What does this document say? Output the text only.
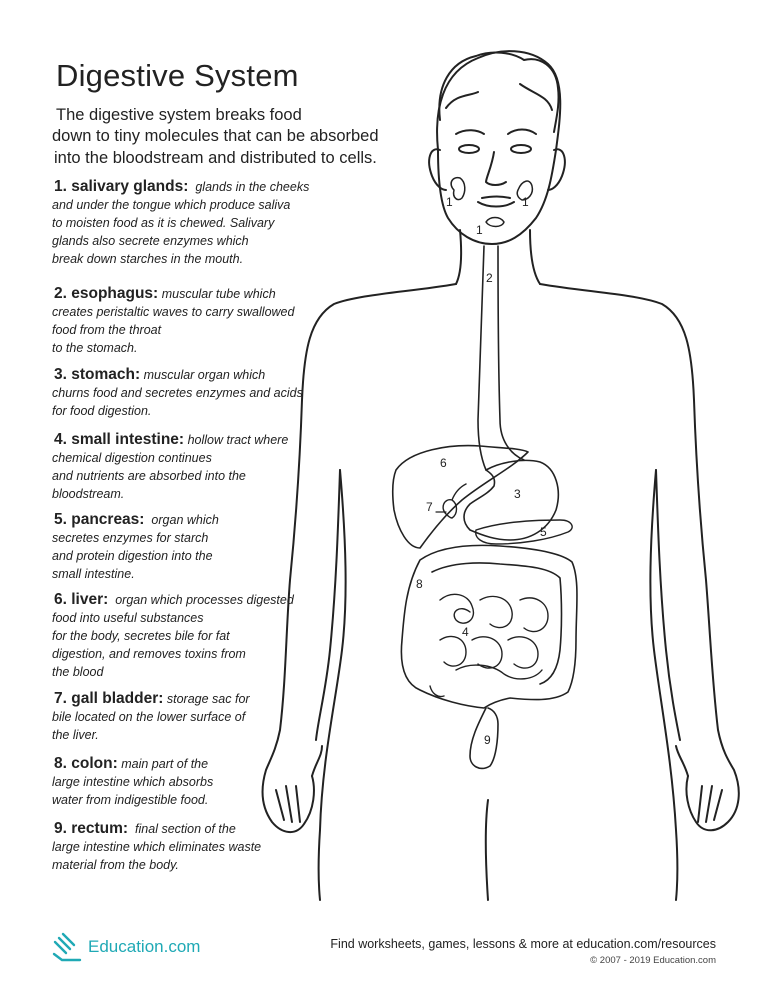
Digestive System
The digestive system breaks food
down to tiny molecules that can be absorbed
into the bloodstream and distributed to cells.
1. salivary glands: glands in the cheeks
and under the tongue which produce saliva
to moisten food as it is chewed. Salivary
glands also secrete enzymes which
break down starches in the mouth.
2. esophagus: muscular tube which
creates peristaltic waves to carry swallowed
food from the throat
to the stomach.
3. stomach: muscular organ which
churns food and secretes enzymes and acids
for food digestion.
4. small intestine: hollow tract where
chemical digestion continues
and nutrients are absorbed into the
bloodstream.
5. pancreas: organ which
secretes enzymes for starch
and protein digestion into the
small intestine.
6. liver: organ which processes digested
food into useful substances
for the body, secretes bile for fat
digestion, and removes toxins from
the blood
7. gall bladder: storage sac for
bile located on the lower surface of
the liver.
8. colon: main part of the
large intestine which absorbs
water from indigestible food.
9. rectum: final section of the
large intestine which eliminates waste
material from the body.
1	1
1
2
3
4
5
6
7
8
9
Education.com	Find worksheets, games, lessons & more at education.com/resources
© 2007 - 2019 Education.com
